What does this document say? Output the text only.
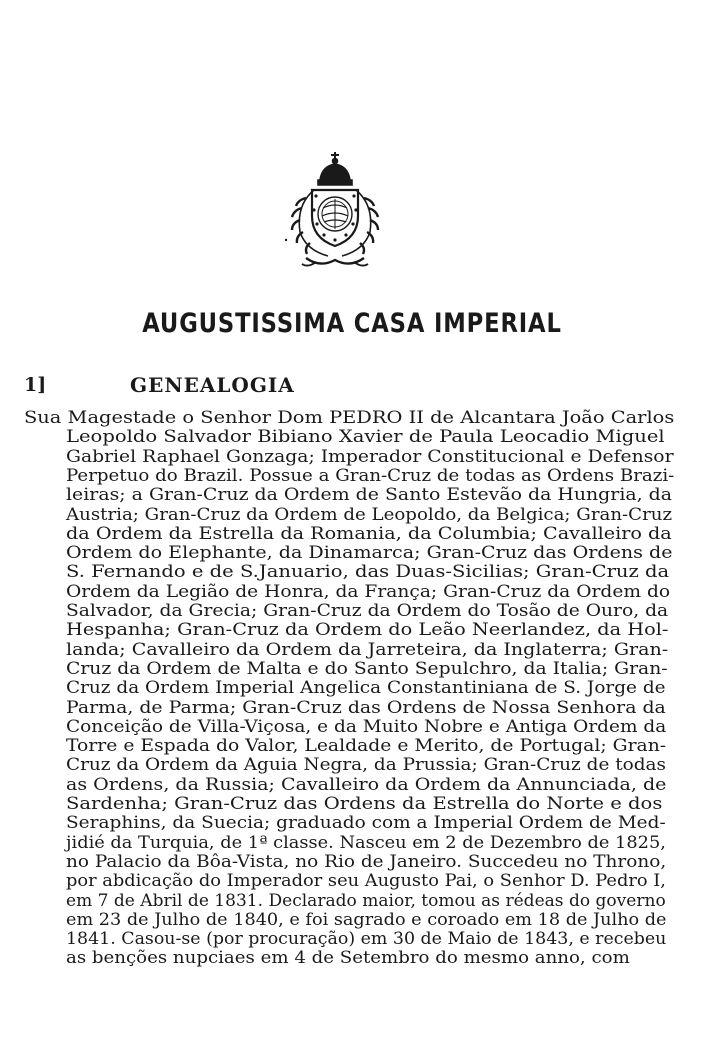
AUGUSTISSIMA CASA IMPERIAL
1]	GENEALOGIA
Sua Magestade o Senhor Dom PEDRO II de Alcantara João Carlos
Leopoldo Salvador Bibiano Xavier de Paula Leocadio Miguel
Gabriel Raphael Gonzaga; Imperador Constitucional e Defensor
Perpetuo do Brazil. Possue a Gran-Cruz de todas as Ordens Brazi-
leiras; a Gran-Cruz da Ordem de Santo Estevão da Hungria, da
Austria; Gran-Cruz da Ordem de Leopoldo, da Belgica; Gran-Cruz
da Ordem da Estrella da Romania, da Columbia; Cavalleiro da
Ordem do Elephante, da Dinamarca; Gran-Cruz das Ordens de
S. Fernando e de S.Januario, das Duas-Sicilias; Gran-Cruz da
Ordem da Legião de Honra, da França; Gran-Cruz da Ordem do
Salvador, da Grecia; Gran-Cruz da Ordem do Tosão de Ouro, da
Hespanha; Gran-Cruz da Ordem do Leão Neerlandez, da Hol-
landa; Cavalleiro da Ordem da Jarreteira, da Inglaterra; Gran-
Cruz da Ordem de Malta e do Santo Sepulchro, da Italia; Gran-
Cruz da Ordem Imperial Angelica Constantiniana de S. Jorge de
Parma, de Parma; Gran-Cruz das Ordens de Nossa Senhora da
Conceição de Villa-Viçosa, e da Muito Nobre e Antiga Ordem da
Torre e Espada do Valor, Lealdade e Merito, de Portugal; Gran-
Cruz da Ordem da Aguia Negra, da Prussia; Gran-Cruz de todas
as Ordens, da Russia; Cavalleiro da Ordem da Annunciada, de
Sardenha; Gran-Cruz das Ordens da Estrella do Norte e dos
Seraphins, da Suecia; graduado com a Imperial Ordem de Med-
jidié da Turquia, de 1ª classe. Nasceu em 2 de Dezembro de 1825,
no Palacio da Bôa-Vista, no Rio de Janeiro. Succedeu no Throno,
por abdicação do Imperador seu Augusto Pai, o Senhor D. Pedro I,
em 7 de Abril de 1831. Declarado maior, tomou as rédeas do governo
em 23 de Julho de 1840, e foi sagrado e coroado em 18 de Julho de
1841. Casou-se (por procuração) em 30 de Maio de 1843, e recebeu
as benções nupciaes em 4 de Setembro do mesmo anno, com
